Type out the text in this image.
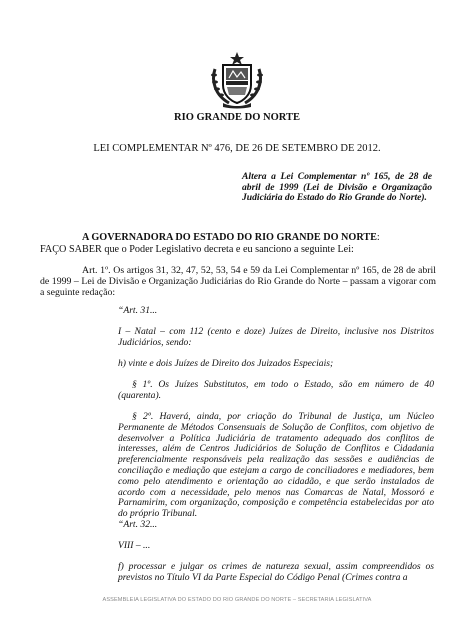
RIO GRANDE DO NORTE
LEI COMPLEMENTAR Nº 476, DE 26 DE SETEMBRO DE 2012.
Altera a Lei Complementar nº 165, de 28 de abril de 1999 (Lei de Divisão e Organização Judiciária do Estado do Rio Grande do Norte).
A GOVERNADORA DO ESTADO DO RIO GRANDE DO NORTE:
FAÇO SABER que o Poder Legislativo decreta e eu sanciono a seguinte Lei:
Art. 1º. Os artigos 31, 32, 47, 52, 53, 54 e 59 da Lei Complementar nº 165, de 28 de abril de 1999 – Lei de Divisão e Organização Judiciárias do Rio Grande do Norte – passam a vigorar com a seguinte redação:
“Art. 31...
I – Natal – com 112 (cento e doze) Juízes de Direito, inclusive nos Distritos Judiciários, sendo:
h) vinte e dois Juízes de Direito dos Juizados Especiais;
§ 1º. Os Juízes Substitutos, em todo o Estado, são em número de 40 (quarenta).
§ 2º. Haverá, ainda, por criação do Tribunal de Justiça, um Núcleo Permanente de Métodos Consensuais de Solução de Conflitos, com objetivo de desenvolver a Política Judiciária de tratamento adequado dos conflitos de interesses, além de Centros Judiciários de Solução de Conflitos e Cidadania preferencialmente responsáveis pela realização das sessões e audiências de conciliação e mediação que estejam a cargo de conciliadores e mediadores, bem como pelo atendimento e orientação ao cidadão, e que serão instalados de acordo com a necessidade, pelo menos nas Comarcas de Natal, Mossoró e Parnamirim, com organização, composição e competência estabelecidas por ato do próprio Tribunal.
“Art. 32...
VIII – ...
f) processar e julgar os crimes de natureza sexual, assim compreendidos os previstos no Título VI da Parte Especial do Código Penal (Crimes contra a
ASSEMBLEIA LEGISLATIVA DO ESTADO DO RIO GRANDE DO NORTE – SECRETARIA LEGISLATIVA
